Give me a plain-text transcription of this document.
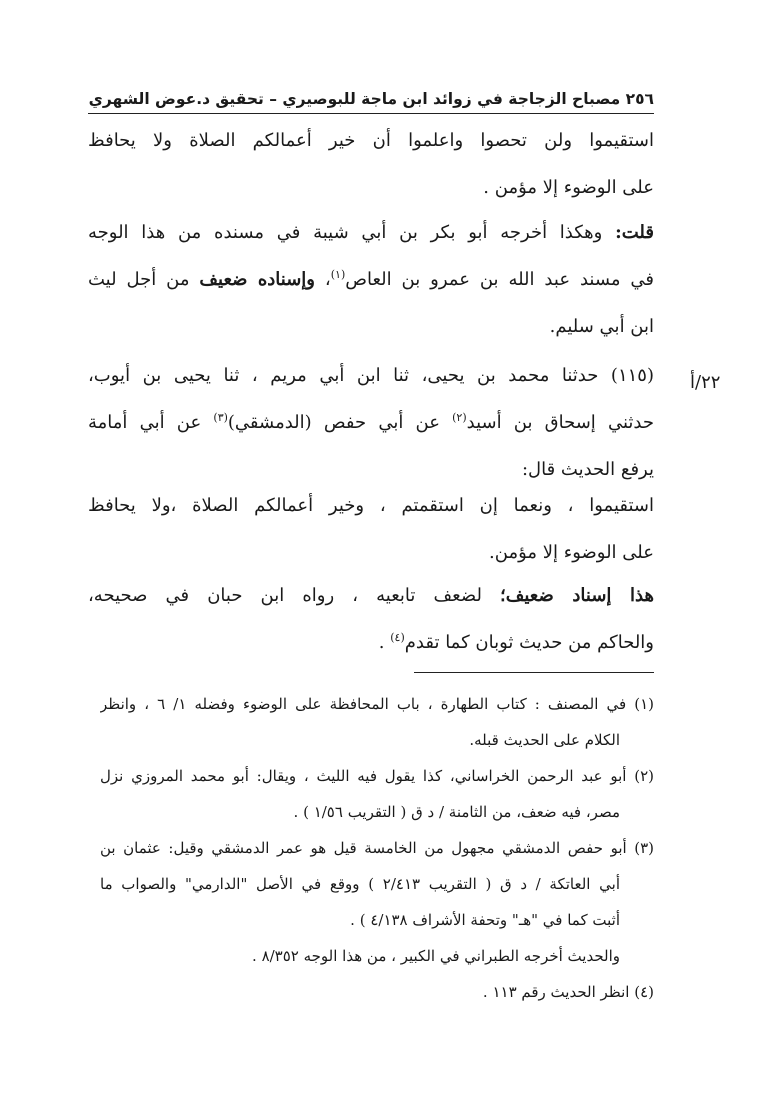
٢٥٦ مصباح الزجاجة في زوائد ابن ماجة للبوصيري – تحقيق د.عوض الشهري
٢٢/أ
استقيموا ولن تحصوا واعلموا أن خير أعمالكم الصلاة ولا يحافظ
على الوضوء إلا مؤمن .
قلت: وهكذا أخرجه أبو بكر بن أبي شيبة في مسنده من هذا الوجه
في مسند عبد الله بن عمرو بن العاص$^{(١)}$، وإسناده ضعيف من أجل ليث
ابن أبي سليم.
(١١٥) حدثنا محمد بن يحيى، ثنا ابن أبي مريم ، ثنا يحيى بن أيوب،
حدثني إسحاق بن أسيد$^{(٢)}$ عن أبي حفص (الدمشقي)$^{(٣)}$ عن أبي أمامة
يرفع الحديث قال:
استقيموا ، ونعما إن استقمتم ، وخير أعمالكم الصلاة ،ولا يحافظ
على الوضوء إلا مؤمن.
هذا إسناد ضعيف؛ لضعف تابعيه ، رواه ابن حبان في صحيحه،
والحاكم من حديث ثوبان كما تقدم$^{(٤)}$ .
(١) في المصنف : كتاب الطهارة ، باب المحافظة على الوضوء وفضله ١/ ٦ ، وانظر
الكلام على الحديث قبله.
(٢) أبو عبد الرحمن الخراساني، كذا يقول فيه الليث ، ويقال: أبو محمد المروزي نزل
مصر، فيه ضعف، من الثامنة / د ق ( التقريب ١/٥٦ ) .
(٣) أبو حفص الدمشقي مجهول من الخامسة قيل هو عمر الدمشقي وقيل: عثمان بن
أبي العاتكة / د ق ( التقريب ٢/٤١٣ ) ووقع في الأصل "الدارمي" والصواب ما
أثبت كما في "هـ" وتحفة الأشراف ٤/١٣٨ ) .
والحديث أخرجه الطبراني في الكبير ، من هذا الوجه ٨/٣٥٢ .
(٤) انظر الحديث رقم ١١٣ .
